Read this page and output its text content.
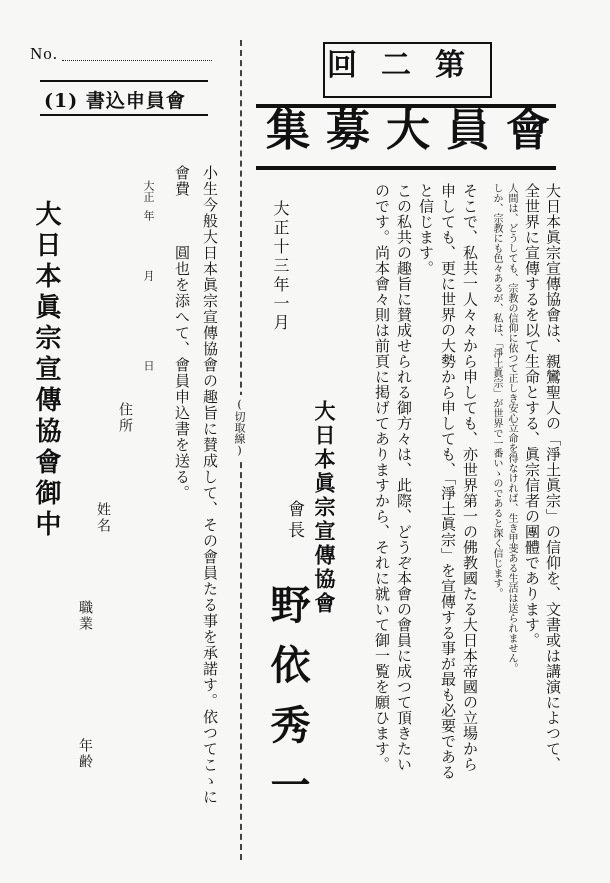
No.
(1) 書込申員會
大日本眞宗宣傳協會御中
大正
年
月
日
住所
姓名
職業
年齢	小生今般大日本眞宗宣傳協會の趣旨に賛成して、その會員たる事を承諾す。依つてこゝに
會費
圓也を添へて、會員申込書を送る。	(切取線)
回二第
集募大員會
大日本眞宗宣傳協會は、親鸞聖人の「淨土眞宗」の信仰を、文書或は講演によつて、
全世界に宣傳するを以て生命とする、眞宗信者の團體であります。
人間は、どうしても、宗教の信仰に依つて正しき安心立命を得なければ、生き甲斐ある生活は送られません。
しか、宗教にも色々あるが、私は、「淨土眞宗」が世界で一番いゝのであると深く信じます。
そこで、私共一人々々から申しても、亦世界第一の佛教國たる大日本帝國の立場から
申しても、更に世界の大勢から申しても、「淨土眞宗」を宣傳する事が最も必要である
と信じます。
この私共の趣旨に賛成せられる御方々は、此際、どうぞ本會の會員に成つて頂きたい
のです。尚本會々則は前頁に掲げてありますから、それに就いて御一覧を願ひます。
大正十三年一月
大日本眞宗宣傳協會
會長
野依秀一
